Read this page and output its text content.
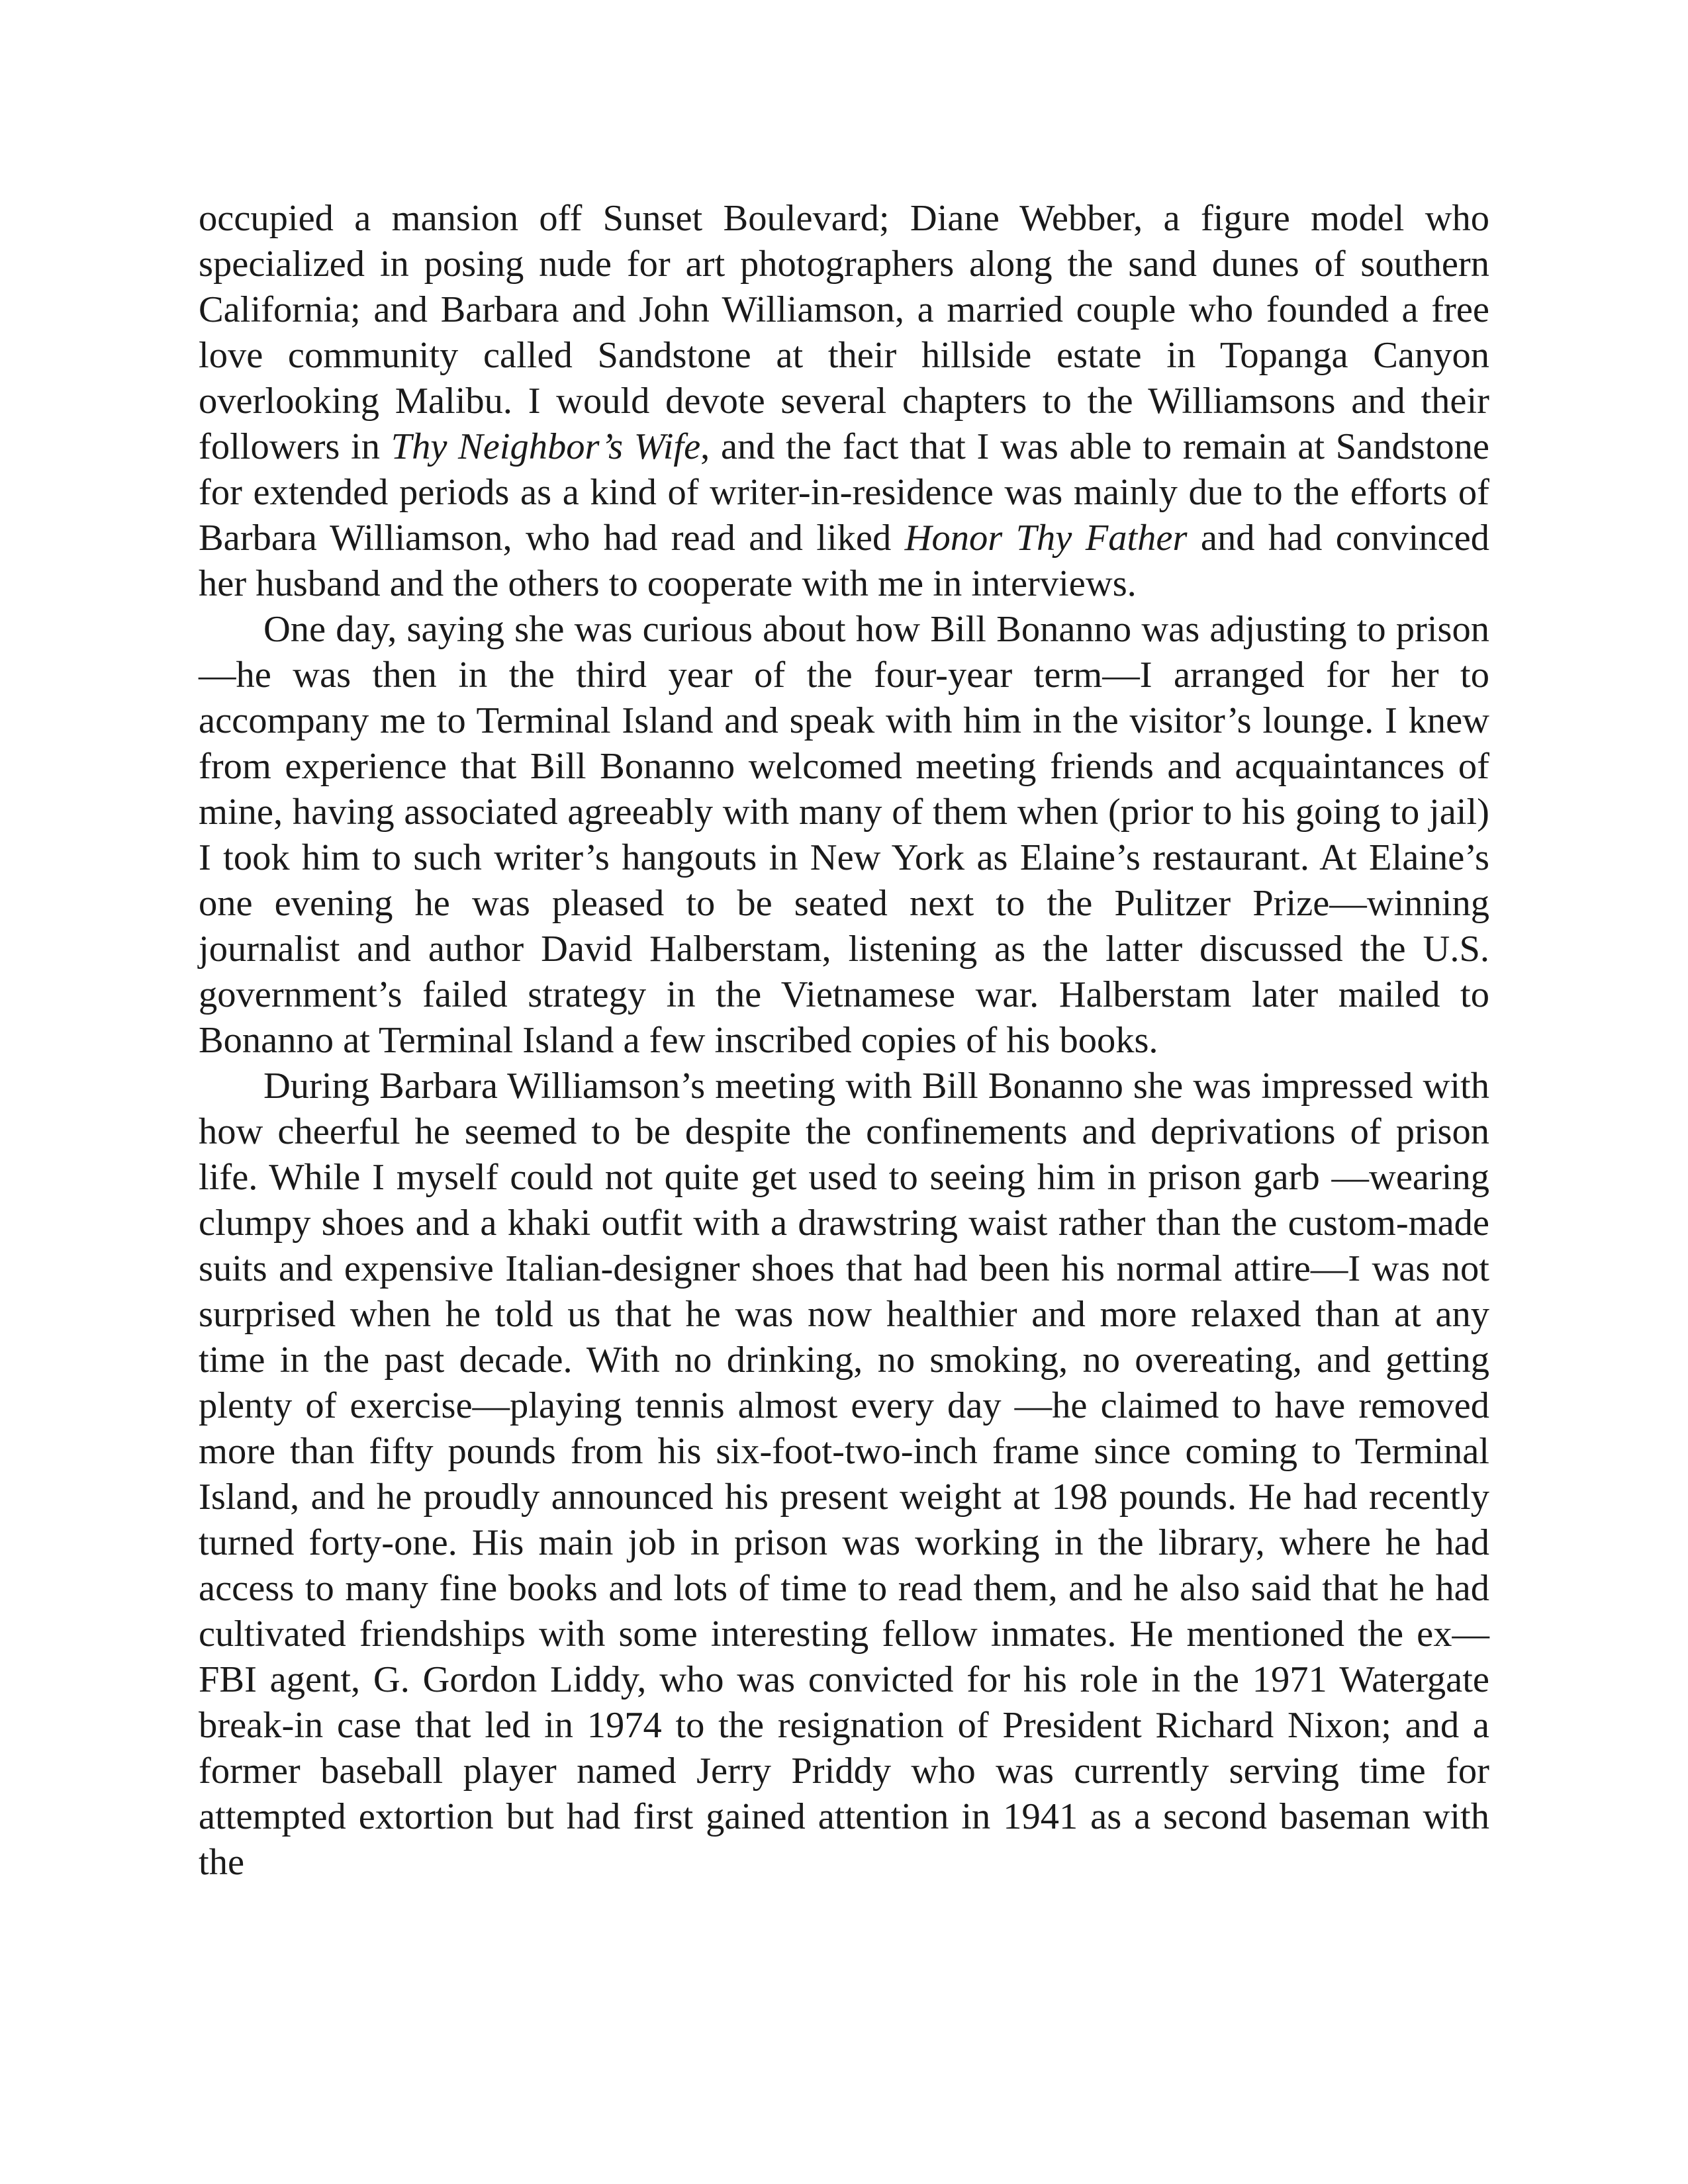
occupied a mansion off Sunset Boulevard; Diane Webber, a figure model who specialized in posing nude for art photographers along the sand dunes of southern California; and Barbara and John Williamson, a married couple who founded a free love community called Sandstone at their hillside estate in Topanga Canyon overlooking Malibu. I would devote several chapters to the Williamsons and their followers in Thy Neighbor’s Wife, and the fact that I was able to remain at Sandstone for extended periods as a kind of writer-in-residence was mainly due to the efforts of Barbara Williamson, who had read and liked Honor Thy Father and had convinced her husband and the others to cooperate with me in interviews.

One day, saying she was curious about how Bill Bonanno was adjusting to prison—he was then in the third year of the four-year term—I arranged for her to accompany me to Terminal Island and speak with him in the visitor’s lounge. I knew from experience that Bill Bonanno welcomed meeting friends and acquaintances of mine, having associated agreeably with many of them when (prior to his going to jail) I took him to such writer’s hangouts in New York as Elaine’s restaurant. At Elaine’s one evening he was pleased to be seated next to the Pulitzer Prize—winning journalist and author David Halberstam, listening as the latter discussed the U.S. government’s failed strategy in the Vietnamese war. Halberstam later mailed to Bonanno at Terminal Island a few inscribed copies of his books.

During Barbara Williamson’s meeting with Bill Bonanno she was impressed with how cheerful he seemed to be despite the confinements and deprivations of prison life. While I myself could not quite get used to seeing him in prison garb —wearing clumpy shoes and a khaki outfit with a drawstring waist rather than the custom-made suits and expensive Italian-designer shoes that had been his normal attire—I was not surprised when he told us that he was now healthier and more relaxed than at any time in the past decade. With no drinking, no smoking, no overeating, and getting plenty of exercise—playing tennis almost every day —he claimed to have removed more than fifty pounds from his six-foot-two-inch frame since coming to Terminal Island, and he proudly announced his present weight at 198 pounds. He had recently turned forty-one. His main job in prison was working in the library, where he had access to many fine books and lots of time to read them, and he also said that he had cultivated friendships with some interesting fellow inmates. He mentioned the ex—FBI agent, G. Gordon Liddy, who was convicted for his role in the 1971 Watergate break-in case that led in 1974 to the resignation of President Richard Nixon; and a former baseball player named Jerry Priddy who was currently serving time for attempted extortion but had first gained attention in 1941 as a second baseman with the
